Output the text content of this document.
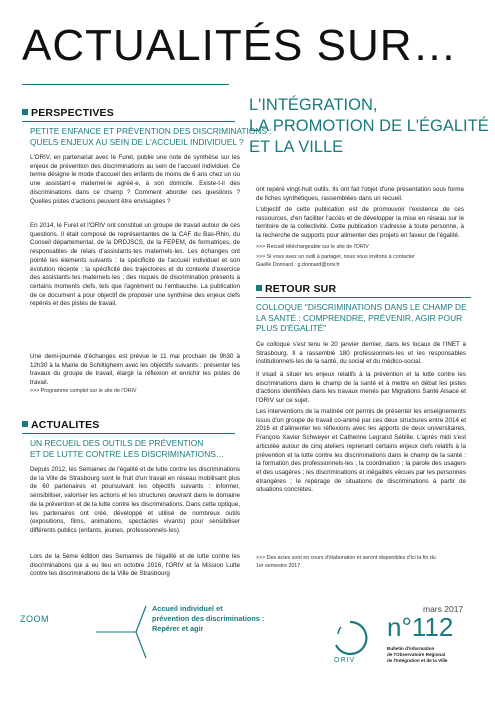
ACTUALITÉS SUR…
L'INTÉGRATION,
LA PROMOTION DE L'ÉGALITÉ
ET LA VILLE
PERSPECTIVES
PETITE ENFANCE ET PRÉVENTION DES DISCRIMINATIONS :
QUELS ENJEUX AU SEIN DE L'ACCUEIL INDIVIDUEL ?
L'ORIV, en partenariat avec le Furet, publie une note de synthèse sur les enjeux de prévention des discriminations au sein de l'accueil individuel. Ce terme désigne le mode d'accueil des enfants de moins de 6 ans chez un ou une assistant·e maternel·le agréé·e, à son domicile. Existe-t-il des discriminations dans ce champ ? Comment aborder ces questions ? Quelles pistes d'actions peuvent être envisagées ?
En 2014, le Furet et l'ORIV ont constitué un groupe de travail autour de ces questions. Il était composé de représentantes de la CAF du Bas-Rhin, du Conseil départemental, de la DRDJSCS, de la FEPEM, de formatrices, de responsables de relais d'assistants·tes maternels·les. Les échanges ont pointé les éléments suivants : la spécificité de l'accueil individuel et son évolution récente ; la spécificité des trajectoires et du contexte d'exercice des assistants·tes maternels·les ; des risques de discrimination présents à certains moments clefs, tels que l'agrément ou l'embauche. La publication de ce document a pour objectif de proposer une synthèse des enjeux clefs repérés et des pistes de travail.
Une demi-journée d'échanges est prévue le 11 mai prochain de 9h30 à 12h30 à la Mairie de Schiltigheim avec les objectifs suivants : présenter les travaux du groupe de travail, élargir la réflexion et enrichir les pistes de travail.
>>> Programme complet sur le site de l'ORIV
ACTUALITES
UN RECUEIL DES OUTILS DE PRÉVENTION
ET DE LUTTE CONTRE LES DISCRIMINATIONS…
Depuis 2012, les Semaines de l'égalité et de lutte contre les discriminations de la Ville de Strasbourg sont le fruit d'un travail en réseau mobilisant plus de 60 partenaires et poursuivant les objectifs suivants : informer, sensibiliser, valoriser les actions et les structures œuvrant dans le domaine de la prévention et de la lutte contre les discriminations. Dans cette optique, les partenaires ont créé, développé et utilisé de nombreux outils (expositions, films, animations, spectacles vivants) pour sensibiliser différents publics (enfants, jeunes, professionnels·les).
Lors de la 5ème édition des Semaines de l'égalité et de lutte contre les discriminations qui a eu lieu en octobre 2016, l'ORIV et la Mission Lutte contre les discriminations de la Ville de Strasbourg
ont repéré vingt-huit outils. Ils ont fait l'objet d'une présentation sous forme de fiches synthétiques, rassemblées dans un recueil.
L'objectif de cette publication est de promouvoir l'existence de ces ressources, d'en faciliter l'accès et de développer la mise en réseau sur le territoire de la collectivité. Cette publication s'adresse à toute personne, à la recherche de supports pour alimenter des projets en faveur de l'égalité.
>>> Recueil téléchargeable sur le site de l'ORIV
>>> Si vous avez un outil à partager, nous vous invitons à contacter
Gaëlle Donnard : g.donnard@oriv.fr
RETOUR SUR
COLLOQUE "DISCRIMINATIONS DANS LE CHAMP DE
LA SANTÉ : COMPRENDRE, PRÉVENIR, AGIR POUR
PLUS D'ÉGALITÉ"
Ce colloque s'est tenu le 20 janvier dernier, dans les locaux de l'INET à Strasbourg. Il a rassemblé 180 professionnels·les et les responsables institutionnels·les de la santé, du social et du médico-social.
Il visait à situer les enjeux relatifs à la prévention et la lutte contre les discriminations dans le champ de la santé et à mettre en débat les pistes d'actions identifiées dans les travaux menés par Migrations Santé Alsace et l'ORIV sur ce sujet.
Les interventions de la matinée ont permis de présenter les enseignements issus d'un groupe de travail co-animé par ces deux structures entre 2014 et 2016 et d'alimenter les réflexions avec les apports de deux universitaires, François Xavier Schweyer et Catherine Legrand Sébille. L'après midi s'est articulée autour de cinq ateliers reprenant certains enjeux clefs relatifs à la prévention et la lutte contre les discriminations dans le champ de la santé : la formation des professionnels·les ; la coordination ; la parole des usagers et des usagères ; les discriminations et inégalités vécues par les personnes étrangères ; le repérage de situations de discriminations à partir de situations concrètes.
>>> Des actes sont en cours d'élaboration et seront disponibles d'ici la fin du
1er semestre 2017
ZOOM
Accueil individuel et
prévention des discriminations :
Repérer et agir
ORIV
mars 2017
n°112
Bulletin d'information
de l'Observatoire Régional
de l'Intégration et de la Ville
